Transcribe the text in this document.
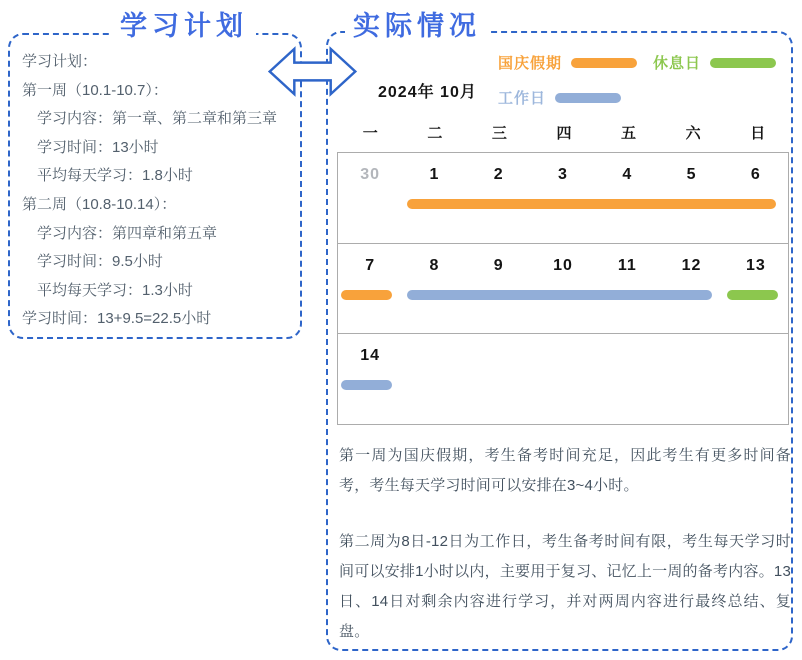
学习计划：
第一周（10.1-10.7）：
学习内容：第一章、第二章和第三章
学习时间：13小时
平均每天学习：1.8小时
第二周（10.8-10.14）：
学习内容：第四章和第五章
学习时间：9.5小时
平均每天学习：1.3小时
学习时间：13+9.5=22.5小时
学习计划
2024年 10月
国庆假期	休息日
工作日
一	二	三	四	五	六	日
30	1	2	3	4	5	6
7	8	9	10	11	12	13
14

第一周为国庆假期，考生备考时间充足，因此考生有更多时间备考，考生每天学习时间可以安排在3~4小时。

第二周为8日-12日为工作日，考生备考时间有限，考生每天学习时间可以安排1小时以内，主要用于复习、记忆上一周的备考内容。13日、14日对剩余内容进行学习，并对两周内容进行最终总结、复盘。

实际情况
